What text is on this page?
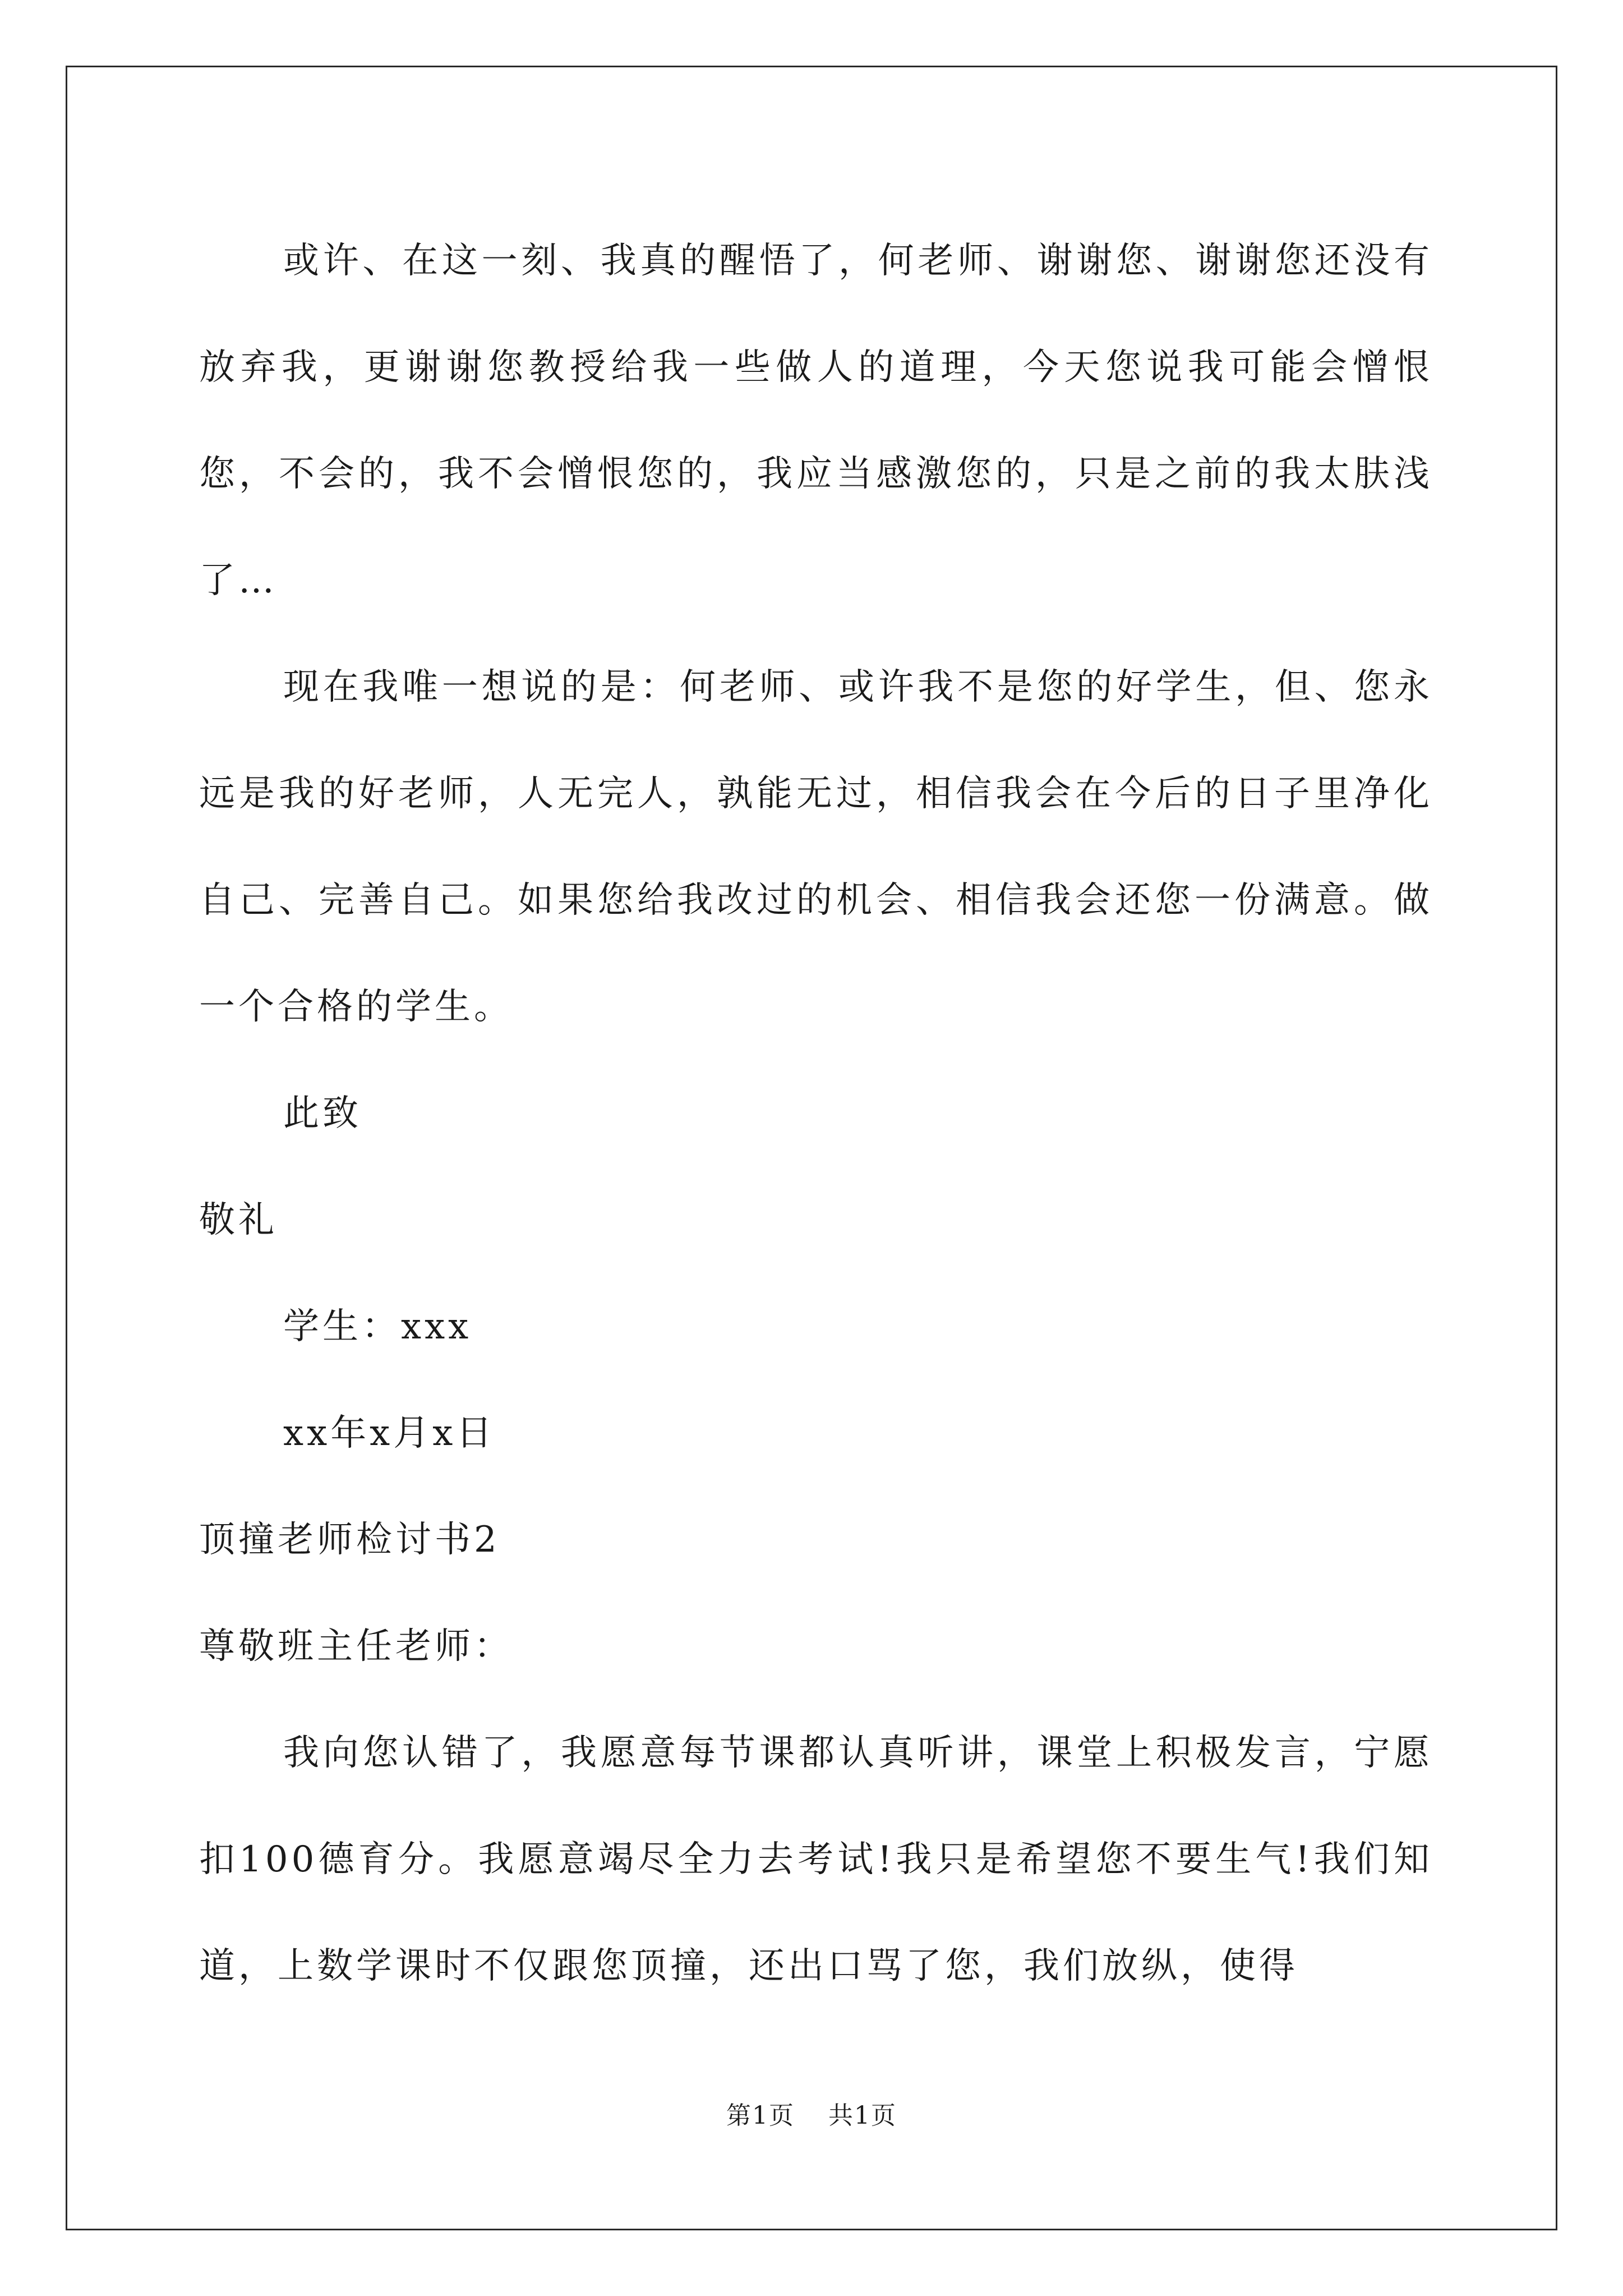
或许、在这一刻、我真的醒悟了，何老师、谢谢您、谢谢您还没有放弃我，更谢谢您教授给我一些做人的道理，今天您说我可能会憎恨您，不会的，我不会憎恨您的，我应当感激您的，只是之前的我太肤浅了…

现在我唯一想说的是：何老师、或许我不是您的好学生，但、您永远是我的好老师，人无完人，孰能无过，相信我会在今后的日子里净化自己、完善自己。如果您给我改过的机会、相信我会还您一份满意。做一个合格的学生。

此致

敬礼

学生：xxx

xx年x月x日

顶撞老师检讨书2

尊敬班主任老师：

我向您认错了，我愿意每节课都认真听讲，课堂上积极发言，宁愿扣100德育分。我愿意竭尽全力去考试!我只是希望您不要生气!我们知道，上数学课时不仅跟您顶撞，还出口骂了您，我们放纵，使得

第1页 共1页
